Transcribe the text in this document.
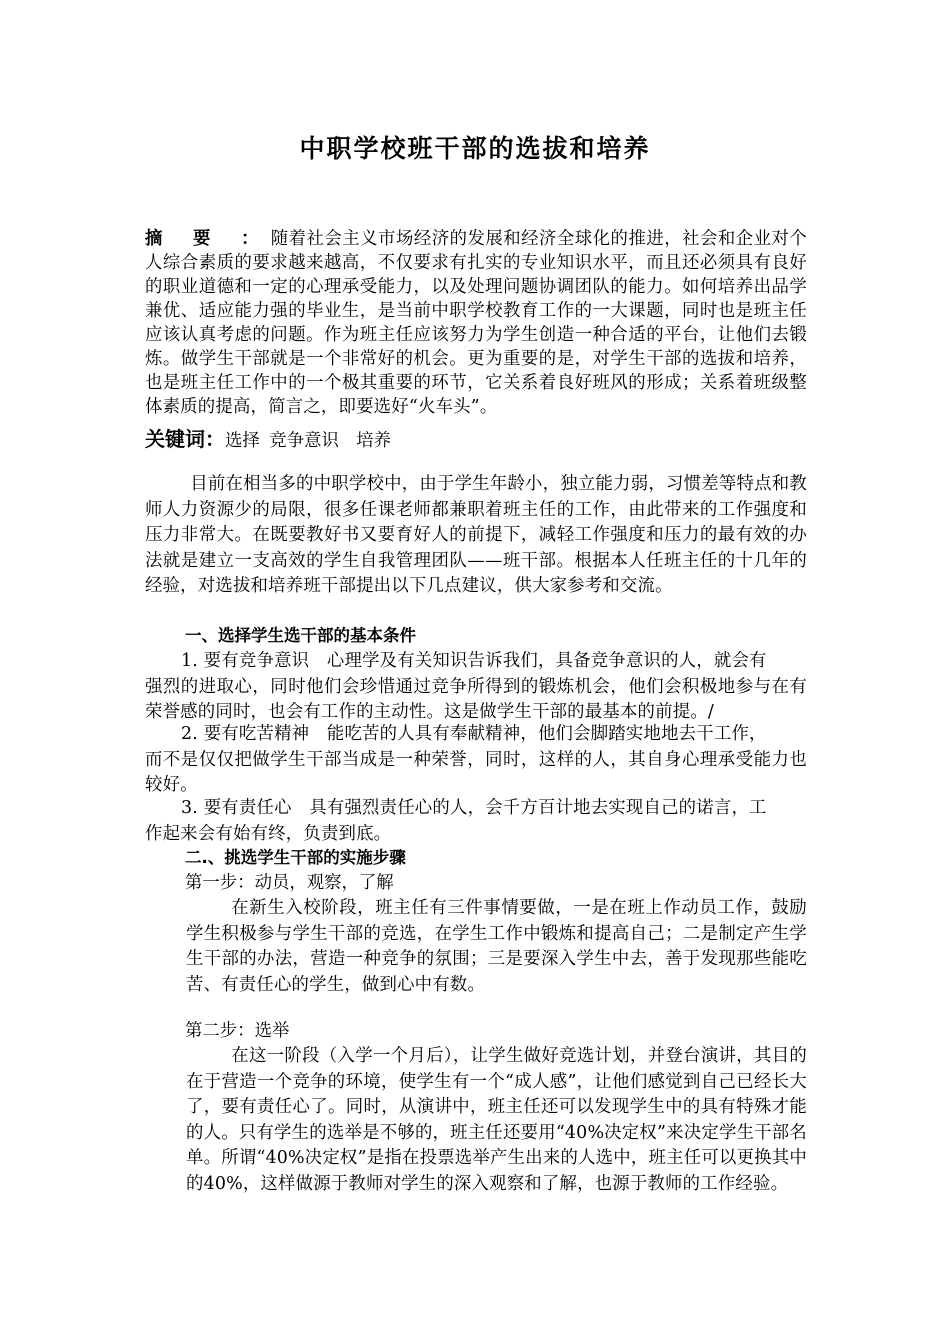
中职学校班干部的选拔和培养
摘 要 ：随着社会主义市场经济的发展和经济全球化的推进，社会和企业对个人综合素质的要求越来越高，不仅要求有扎实的专业知识水平，而且还必须具有良好的职业道德和一定的心理承受能力，以及处理问题协调团队的能力。如何培养出品学兼优、适应能力强的毕业生，是当前中职学校教育工作的一大课题，同时也是班主任应该认真考虑的问题。作为班主任应该努力为学生创造一种合适的平台，让他们去锻炼。做学生干部就是一个非常好的机会。更为重要的是，对学生干部的选拔和培养，也是班主任工作中的一个极其重要的环节，它关系着良好班风的形成；关系着班级整体素质的提高，简言之，即要选好“火车头”。
关键词：选择 竞争意识　培养
目前在相当多的中职学校中，由于学生年龄小，独立能力弱，习惯差等特点和教师人力资源少的局限，很多任课老师都兼职着班主任的工作，由此带来的工作强度和压力非常大。在既要教好书又要育好人的前提下，减轻工作强度和压力的最有效的办法就是建立一支高效的学生自我管理团队——班干部。根据本人任班主任的十几年的经验，对选拔和培养班干部提出以下几点建议，供大家参考和交流。
一、选择学生选干部的基本条件

1. 要有竞争意识　心理学及有关知识告诉我们，具备竞争意识的人，就会有

强烈的进取心，同时他们会珍惜通过竞争所得到的锻炼机会，他们会积极地参与在有荣誉感的同时，也会有工作的主动性。这是做学生干部的最基本的前提。/

2. 要有吃苦精神　能吃苦的人具有奉献精神，他们会脚踏实地地去干工作，

而不是仅仅把做学生干部当成是一种荣誉，同时，这样的人，其自身心理承受能力也较好。

3. 要有责任心　具有强烈责任心的人，会千方百计地去实现自己的诺言，工

作起来会有始有终，负责到底。

二.、挑选学生干部的实施步骤
第一步：动员，观察，了解
在新生入校阶段，班主任有三件事情要做，一是在班上作动员工作，鼓励学生积极参与学生干部的竞选，在学生工作中锻炼和提高自己；二是制定产生学生干部的办法，营造一种竞争的氛围；三是要深入学生中去，善于发现那些能吃苦、有责任心的学生，做到心中有数。
第二步：选举
在这一阶段（入学一个月后），让学生做好竞选计划，并登台演讲，其目的在于营造一个竞争的环境，使学生有一个“成人感”，让他们感觉到自己已经长大了，要有责任心了。同时，从演讲中，班主任还可以发现学生中的具有特殊才能的人。只有学生的选举是不够的，班主任还要用“40%决定权”来决定学生干部名单。所谓“40%决定权”是指在投票选举产生出来的人选中，班主任可以更换其中的40%，这样做源于教师对学生的深入观察和了解，也源于教师的工作经验。
